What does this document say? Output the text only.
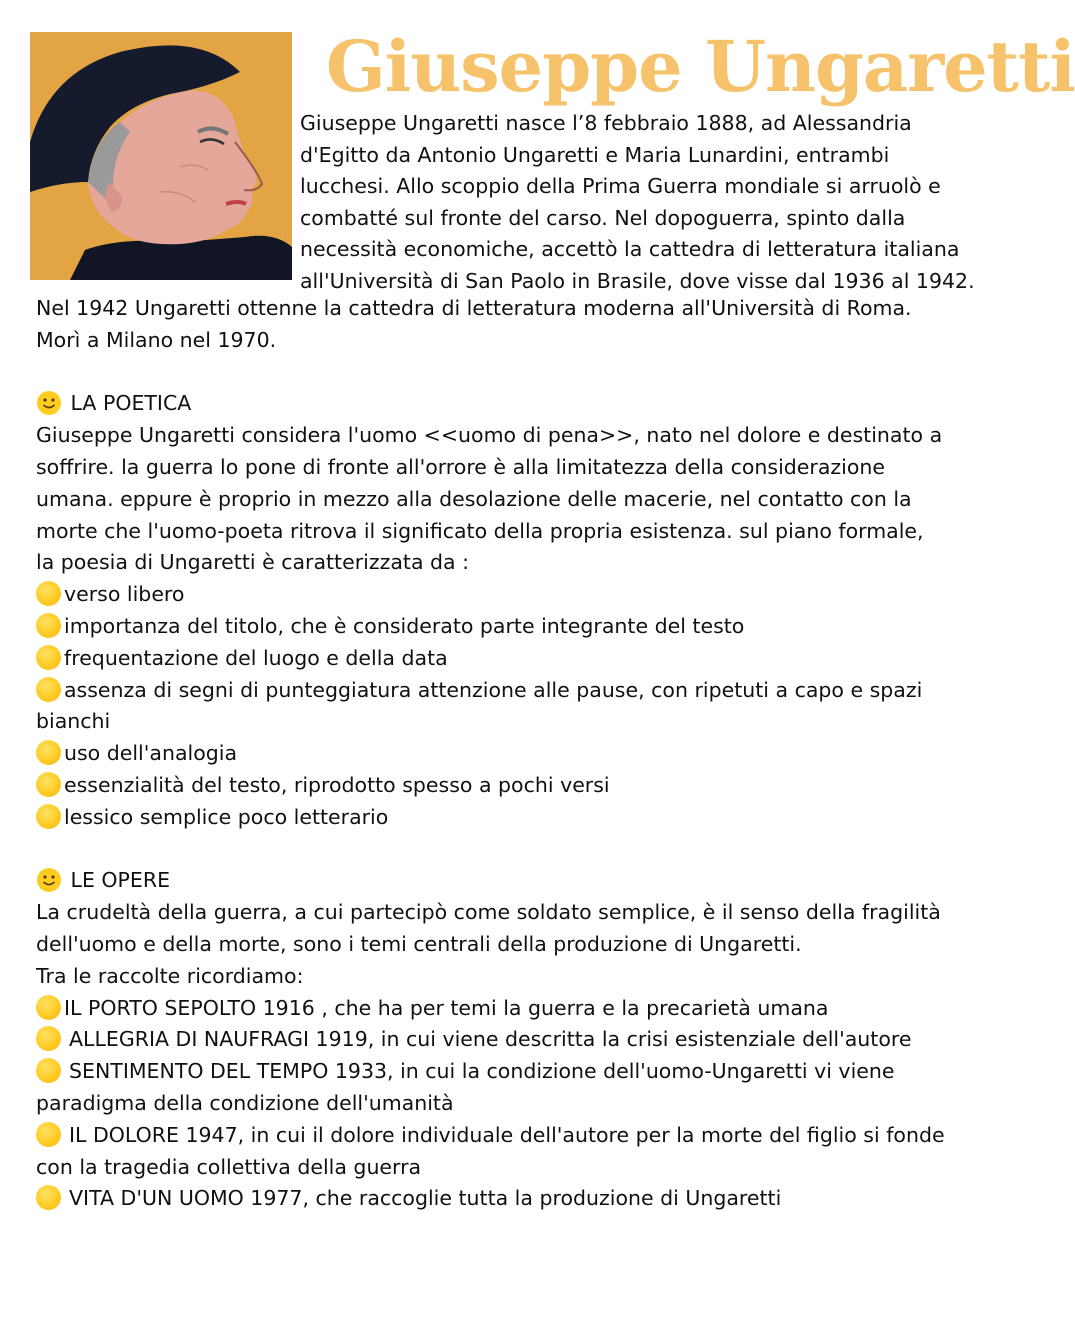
Giuseppe Ungaretti
Giuseppe Ungaretti nasce l’8 febbraio 1888, ad Alessandria
d'Egitto da Antonio Ungaretti e Maria Lunardini, entrambi
lucchesi. Allo scoppio della Prima Guerra mondiale si arruolò e
combatté sul fronte del carso. Nel dopoguerra, spinto dalla
necessità economiche, accettò la cattedra di letteratura italiana
all'Università di San Paolo in Brasile, dove visse dal 1936 al 1942.
Nel 1942 Ungaretti ottenne la cattedra di letteratura moderna all'Università di Roma.
Morì a Milano nel 1970.
LA POETICA
Giuseppe Ungaretti considera l'uomo <<uomo di pena>>, nato nel dolore e destinato a
soffrire. la guerra lo pone di fronte all'orrore è alla limitatezza della considerazione
umana. eppure è proprio in mezzo alla desolazione delle macerie, nel contatto con la
morte che l'uomo-poeta ritrova il significato della propria esistenza. sul piano formale,
la poesia di Ungaretti è caratterizzata da :
verso libero
importanza del titolo, che è considerato parte integrante del testo
frequentazione del luogo e della data
assenza di segni di punteggiatura attenzione alle pause, con ripetuti a capo e spazi
bianchi
uso dell'analogia
essenzialità del testo, riprodotto spesso a pochi versi
lessico semplice poco letterario
LE OPERE
La crudeltà della guerra, a cui partecipò come soldato semplice, è il senso della fragilità
dell'uomo e della morte, sono i temi centrali della produzione di Ungaretti.
Tra le raccolte ricordiamo:
IL PORTO SEPOLTO 1916 , che ha per temi la guerra e la precarietà umana
ALLEGRIA DI NAUFRAGI 1919, in cui viene descritta la crisi esistenziale dell'autore
SENTIMENTO DEL TEMPO 1933, in cui la condizione dell'uomo-Ungaretti vi viene
paradigma della condizione dell'umanità
IL DOLORE 1947, in cui il dolore individuale dell'autore per la morte del figlio si fonde
con la tragedia collettiva della guerra
VITA D'UN UOMO 1977, che raccoglie tutta la produzione di Ungaretti
